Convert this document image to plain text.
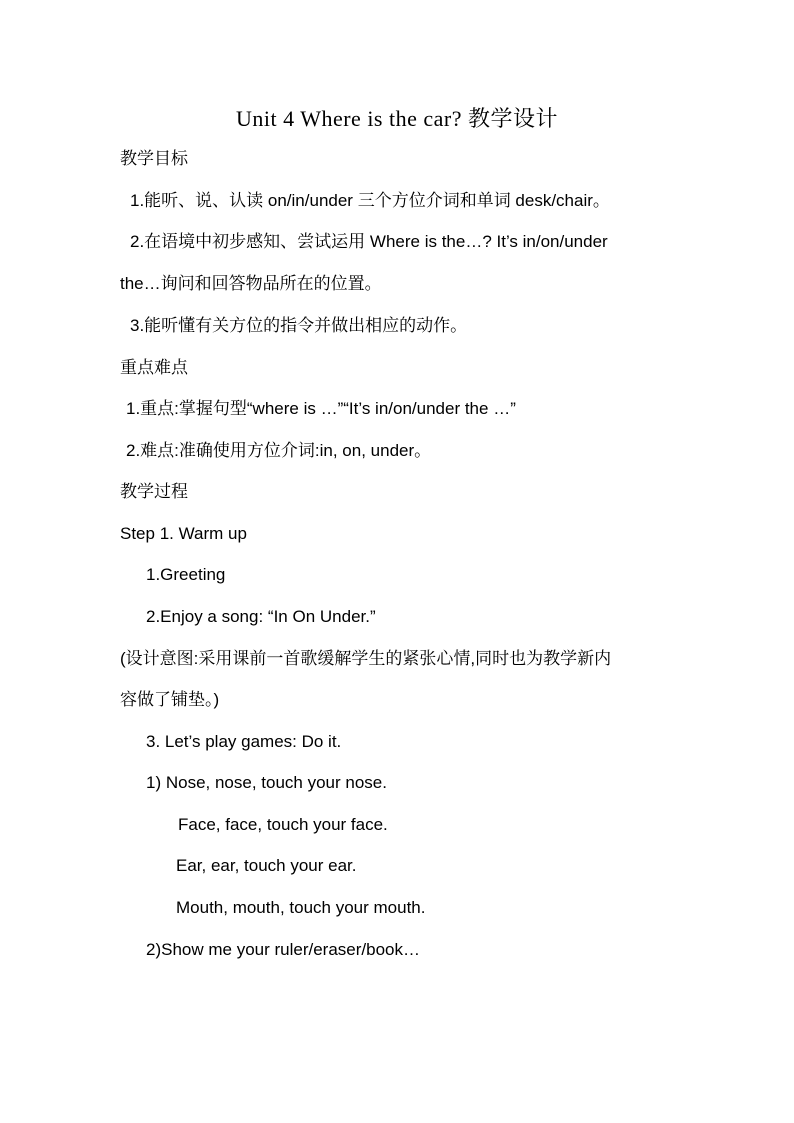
Unit 4 Where is the car? 教学设计
教学目标
1.能听、说、认读 on/in/under 三个方位介词和单词 desk/chair。
2.在语境中初步感知、尝试运用 Where is the…? It’s in/on/under
the…询问和回答物品所在的位置。
3.能听懂有关方位的指令并做出相应的动作。
重点难点
1.重点:掌握句型“where is …”“It’s in/on/under the …”
2.难点:准确使用方位介词:in, on, under。
教学过程
Step 1. Warm up
1.Greeting
2.Enjoy a song: “In On Under.”
(设计意图:采用课前一首歌缓解学生的紧张心情,同时也为教学新内
容做了铺垫。)
3. Let’s play games: Do it.
1) Nose, nose, touch your nose.
Face, face, touch your face.
Ear, ear, touch your ear.
Mouth, mouth, touch your mouth.
2)Show me your ruler/eraser/book…
